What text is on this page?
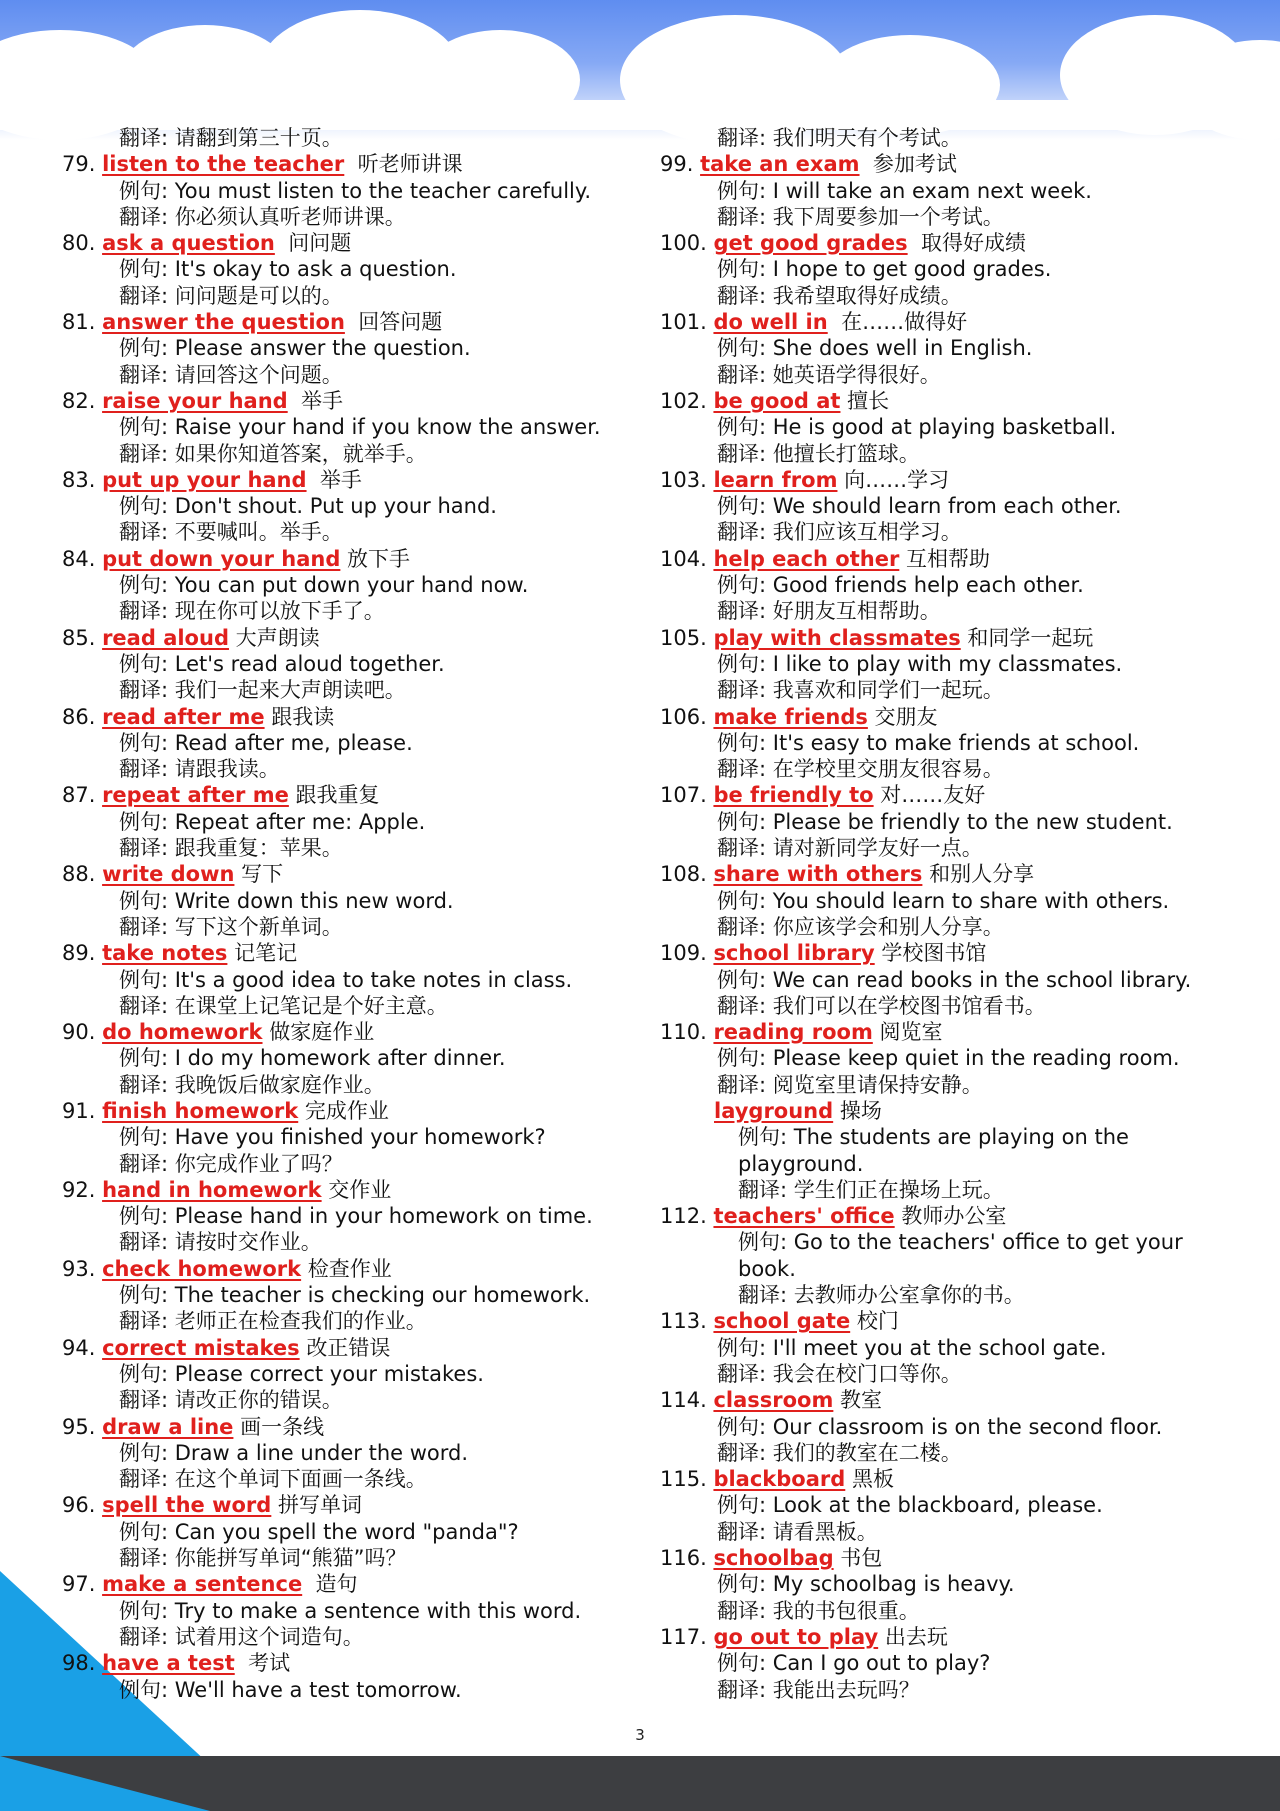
翻译: 请翻到第三十页。
79. listen to the teacher  听老师讲课
例句: You must listen to the teacher carefully.
翻译: 你必须认真听老师讲课。
80. ask a question  问问题
例句: It's okay to ask a question.
翻译: 问问题是可以的。
81. answer the question  回答问题
例句: Please answer the question.
翻译: 请回答这个问题。
82. raise your hand  举手
例句: Raise your hand if you know the answer.
翻译: 如果你知道答案，就举手。
83. put up your hand  举手
例句: Don't shout. Put up your hand.
翻译: 不要喊叫。举手。
84. put down your hand 放下手
例句: You can put down your hand now.
翻译: 现在你可以放下手了。
85. read aloud 大声朗读
例句: Let's read aloud together.
翻译: 我们一起来大声朗读吧。
86. read after me 跟我读
例句: Read after me, please.
翻译: 请跟我读。
87. repeat after me 跟我重复
例句: Repeat after me: Apple.
翻译: 跟我重复：苹果。
88. write down 写下
例句: Write down this new word.
翻译: 写下这个新单词。
89. take notes 记笔记
例句: It's a good idea to take notes in class.
翻译: 在课堂上记笔记是个好主意。
90. do homework 做家庭作业
例句: I do my homework after dinner.
翻译: 我晚饭后做家庭作业。
91. finish homework 完成作业
例句: Have you finished your homework?
翻译: 你完成作业了吗？
92. hand in homework 交作业
例句: Please hand in your homework on time.
翻译: 请按时交作业。
93. check homework 检查作业
例句: The teacher is checking our homework.
翻译: 老师正在检查我们的作业。
94. correct mistakes 改正错误
例句: Please correct your mistakes.
翻译: 请改正你的错误。
95. draw a line 画一条线
例句: Draw a line under the word.
翻译: 在这个单词下面画一条线。
96. spell the word 拼写单词
例句: Can you spell the word "panda"?
翻译: 你能拼写单词“熊猫”吗？
97. make a sentence  造句
例句: Try to make a sentence with this word.
翻译: 试着用这个词造句。
98. have a test  考试
例句: We'll have a test tomorrow.
翻译: 我们明天有个考试。
99. take an exam  参加考试
例句: I will take an exam next week.
翻译: 我下周要参加一个考试。
100. get good grades  取得好成绩
例句: I hope to get good grades.
翻译: 我希望取得好成绩。
101. do well in  在……做得好
例句: She does well in English.
翻译: 她英语学得很好。
102. be good at 擅长
例句: He is good at playing basketball.
翻译: 他擅长打篮球。
103. learn from 向……学习
例句: We should learn from each other.
翻译: 我们应该互相学习。
104. help each other 互相帮助
例句: Good friends help each other.
翻译: 好朋友互相帮助。
105. play with classmates 和同学一起玩
例句: I like to play with my classmates.
翻译: 我喜欢和同学们一起玩。
106. make friends 交朋友
例句: It's easy to make friends at school.
翻译: 在学校里交朋友很容易。
107. be friendly to 对……友好
例句: Please be friendly to the new student.
翻译: 请对新同学友好一点。
108. share with others 和别人分享
例句: You should learn to share with others.
翻译: 你应该学会和别人分享。
109. school library 学校图书馆
例句: We can read books in the school library.
翻译: 我们可以在学校图书馆看书。
110. reading room 阅览室
例句: Please keep quiet in the reading room.
翻译: 阅览室里请保持安静。
layground 操场
例句: The students are playing on the
playground.
翻译: 学生们正在操场上玩。
112. teachers' office 教师办公室
例句: Go to the teachers' office to get your
book.
翻译: 去教师办公室拿你的书。
113. school gate 校门
例句: I'll meet you at the school gate.
翻译: 我会在校门口等你。
114. classroom 教室
例句: Our classroom is on the second floor.
翻译: 我们的教室在二楼。
115. blackboard 黑板
例句: Look at the blackboard, please.
翻译: 请看黑板。
116. schoolbag 书包
例句: My schoolbag is heavy.
翻译: 我的书包很重。
117. go out to play 出去玩
例句: Can I go out to play?
翻译: 我能出去玩吗？
3
